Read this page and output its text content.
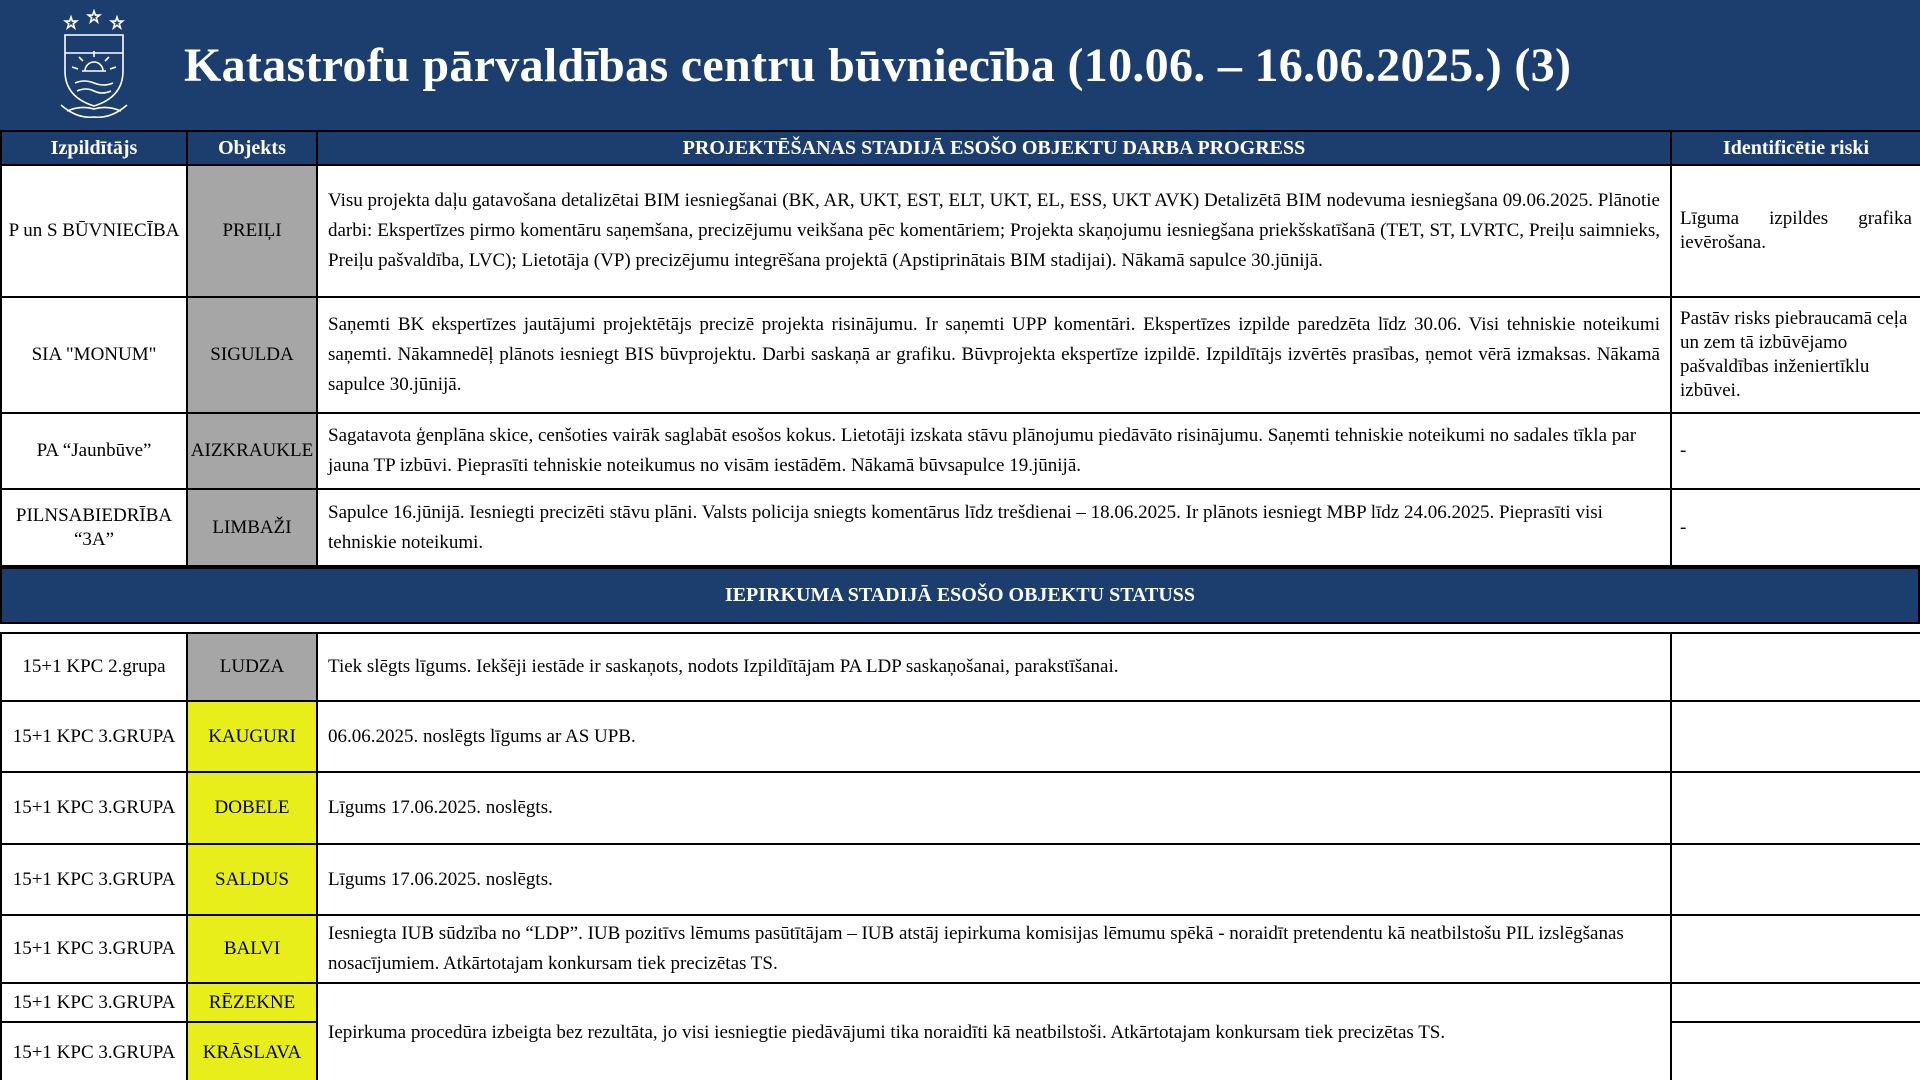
Katastrofu pārvaldības centru būvniecība (10.06. – 16.06.2025.) (3)
Izpildītājs	Objekts	PROJEKTĒŠANAS STADIJĀ ESOŠO OBJEKTU DARBA PROGRESS	Identificētie riski
P un S BŪVNIECĪBA	PREIĻI	Visu projekta daļu gatavošana detalizētai BIM iesniegšanai (BK, AR, UKT, EST, ELT, UKT, EL, ESS, UKT AVK) Detalizētā BIM nodevuma iesniegšana 09.06.2025. Plānotie darbi: Ekspertīzes pirmo komentāru saņemšana, precizējumu veikšana pēc komentāriem; Projekta skaņojumu iesniegšana priekšskatīšanā (TET, ST, LVRTC, Preiļu saimnieks, Preiļu pašvaldība, LVC); Lietotāja (VP) precizējumu integrēšana projektā (Apstiprinātais BIM stadijai). Nākamā sapulce 30.jūnijā.	Līguma izpildes grafika ievērošana.
SIA "MONUM"	SIGULDA	Saņemti BK ekspertīzes jautājumi projektētājs precizē projekta risinājumu. Ir saņemti UPP komentāri. Ekspertīzes izpilde paredzēta līdz 30.06. Visi tehniskie noteikumi saņemti. Nākamnedēļ plānots iesniegt BIS būvprojektu. Darbi saskaņā ar grafiku. Būvprojekta ekspertīze izpildē. Izpildītājs izvērtēs prasības, ņemot vērā izmaksas. Nākamā sapulce 30.jūnijā.	Pastāv risks piebraucamā ceļa un zem tā izbūvējamo pašvaldības inženiertīklu izbūvei.
PA “Jaunbūve”	AIZKRAUKLE	Sagatavota ģenplāna skice, cenšoties vairāk saglabāt esošos kokus. Lietotāji izskata stāvu plānojumu piedāvāto risinājumu. Saņemti tehniskie noteikumi no sadales tīkla par jauna TP izbūvi. Pieprasīti tehniskie noteikumus no visām iestādēm. Nākamā būvsapulce 19.jūnijā.	-
PILNSABIEDRĪBA “3A”	LIMBAŽI	Sapulce 16.jūnijā. Iesniegti precizēti stāvu plāni. Valsts policija sniegts komentārus līdz trešdienai – 18.06.2025. Ir plānots iesniegt MBP līdz 24.06.2025. Pieprasīti visi tehniskie noteikumi.	-
IEPIRKUMA STADIJĀ ESOŠO OBJEKTU STATUSS
15+1 KPC 2.grupa	LUDZA	Tiek slēgts līgums. Iekšēji iestāde ir saskaņots, nodots Izpildītājam PA LDP saskaņošanai, parakstīšanai.	
15+1 KPC 3.GRUPA	KAUGURI	06.06.2025. noslēgts līgums ar AS UPB.	
15+1 KPC 3.GRUPA	DOBELE	Līgums 17.06.2025. noslēgts.	
15+1 KPC 3.GRUPA	SALDUS	Līgums 17.06.2025. noslēgts.	
15+1 KPC 3.GRUPA	BALVI	Iesniegta IUB sūdzība no “LDP”. IUB pozitīvs lēmums pasūtītājam – IUB atstāj iepirkuma komisijas lēmumu spēkā - noraidīt pretendentu kā neatbilstošu PIL izslēgšanas nosacījumiem. Atkārtotajam konkursam tiek precizētas TS.	
15+1 KPC 3.GRUPA	RĒZEKNE	Iepirkuma procedūra izbeigta bez rezultāta, jo visi iesniegtie piedāvājumi tika noraidīti kā neatbilstoši. Atkārtotajam konkursam tiek precizētas TS.	
15+1 KPC 3.GRUPA	KRĀSLAVA		
